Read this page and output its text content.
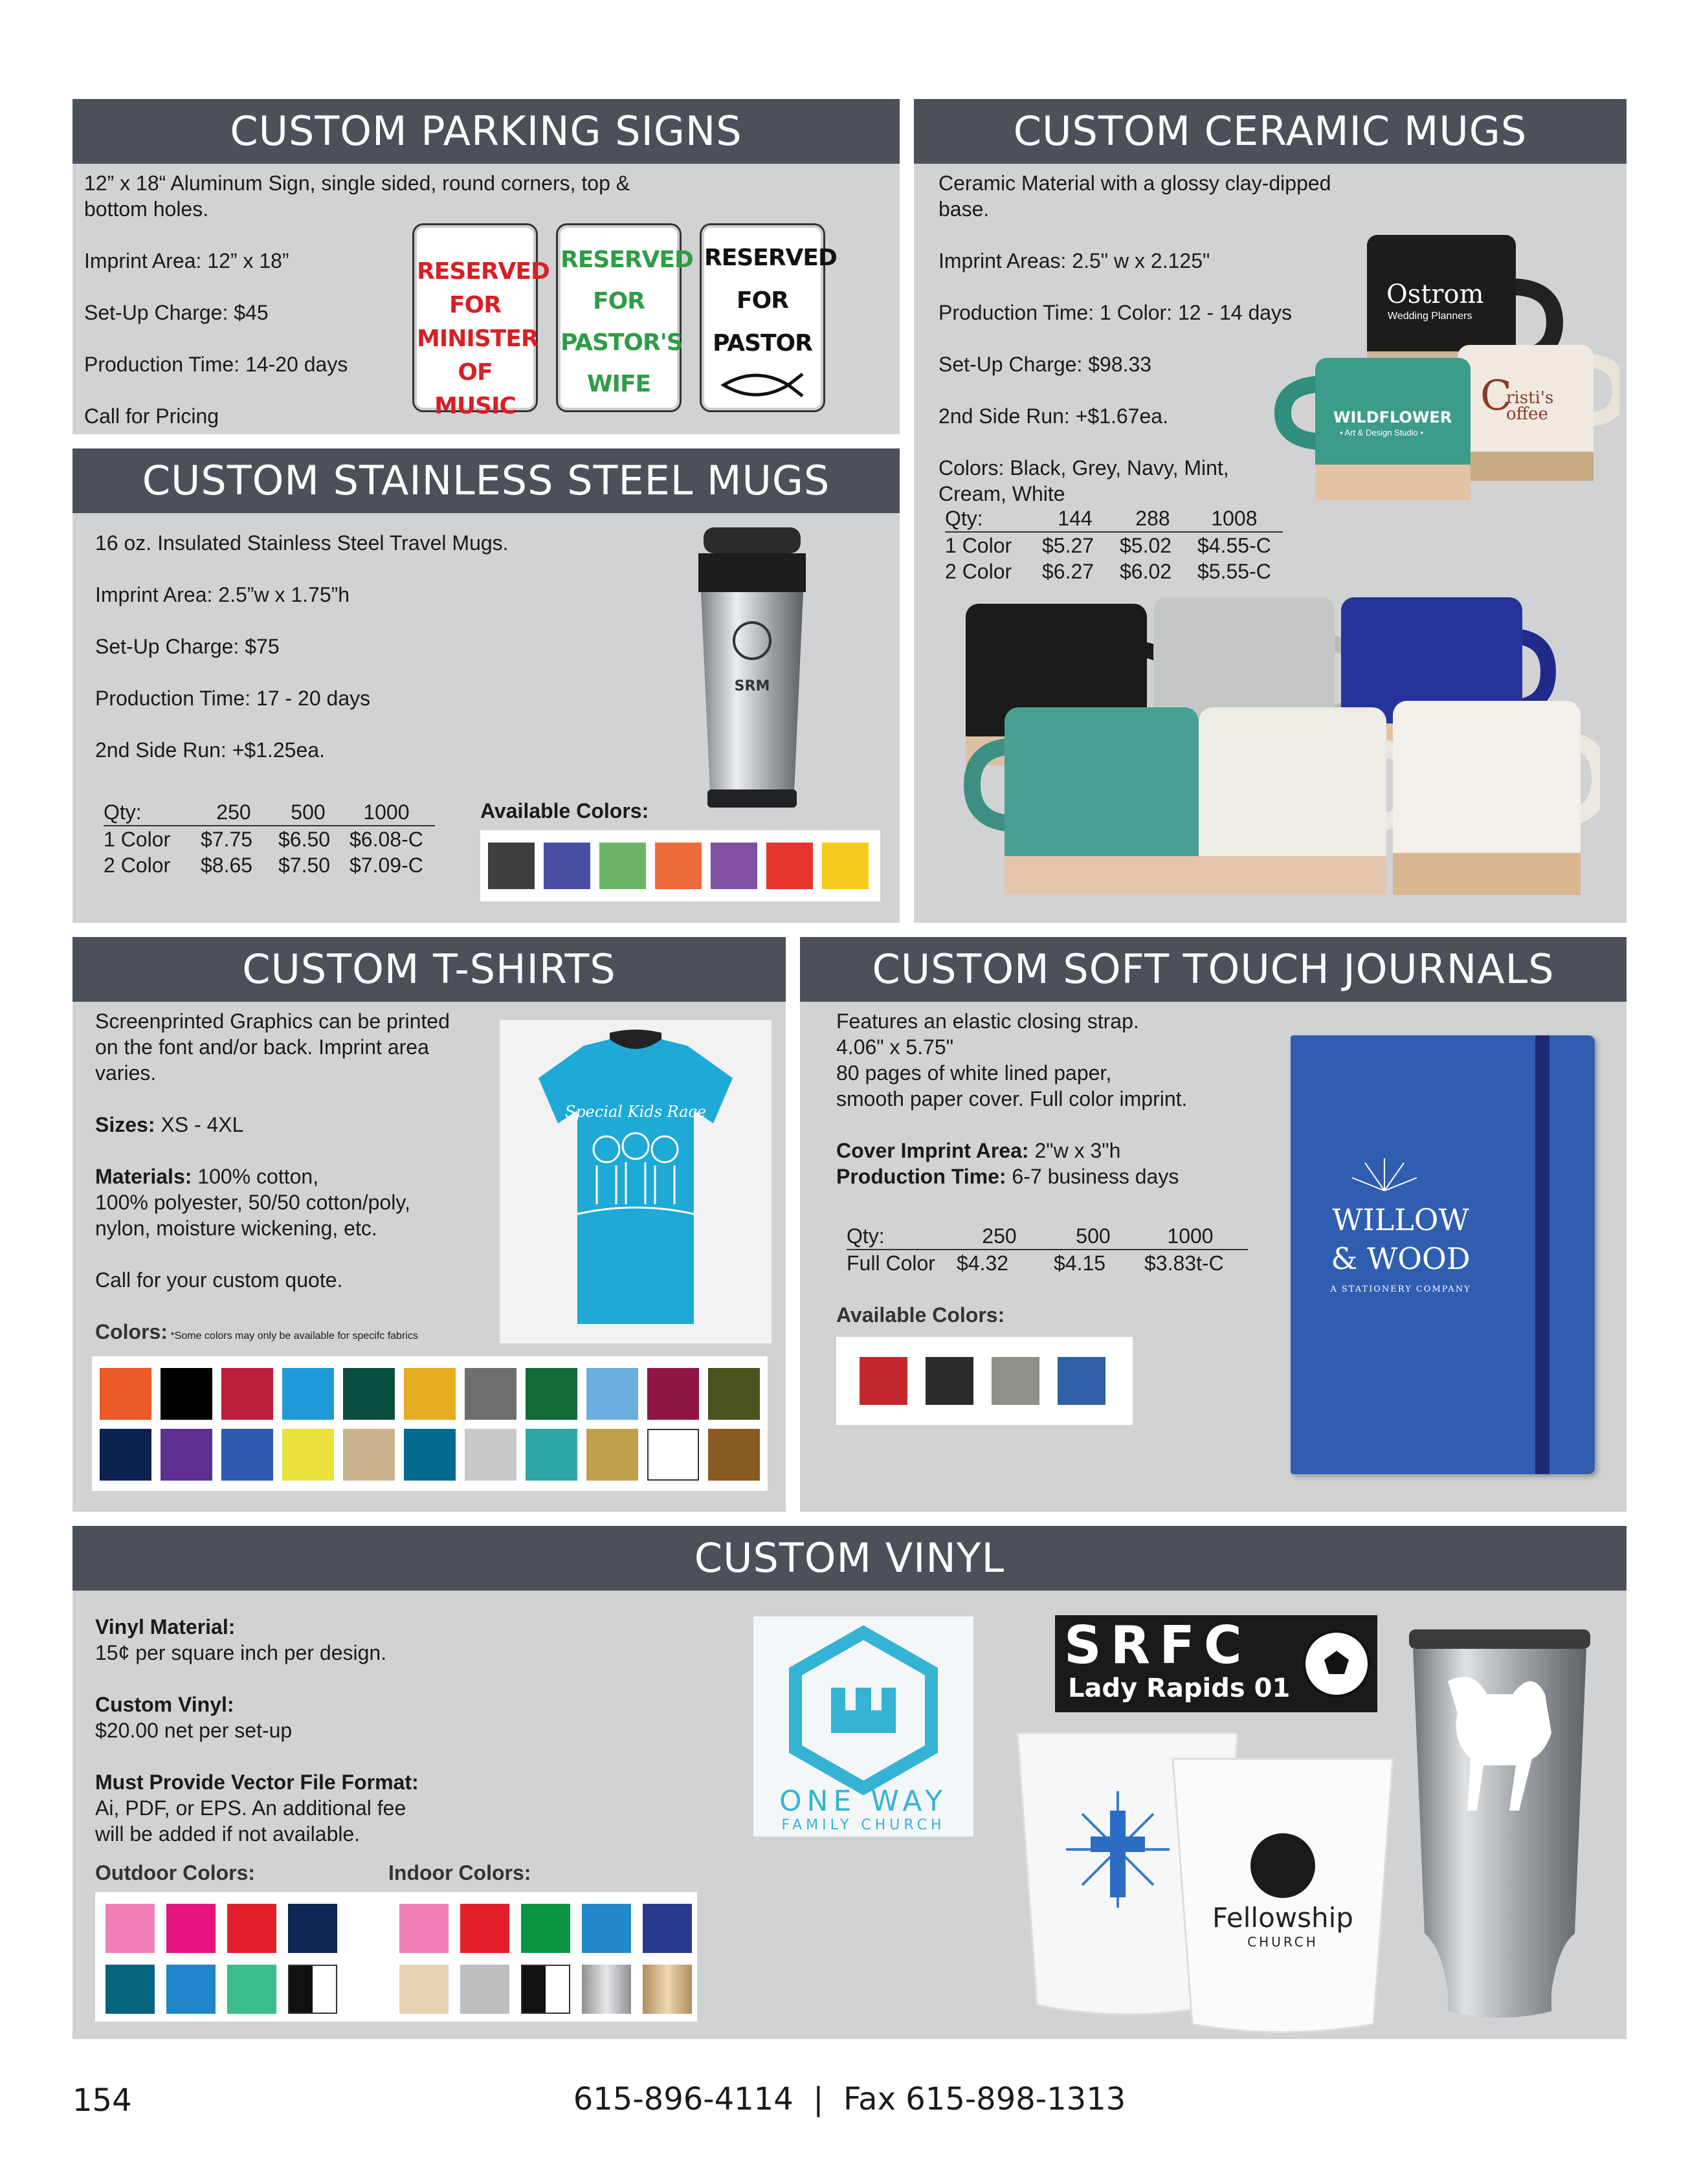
CUSTOM PARKING SIGNS

12” x 18“ Aluminum Sign, single sided, round corners, top &

bottom holes.

Imprint Area: 12” x 18”

Set-Up Charge: $45

Production Time: 14-20 days

Call for Pricing

RESERVED
FOR
MINISTER
OF MUSIC
RESERVED
FOR
PASTOR'S
WIFE
RESERVED
FOR
PASTOR
CUSTOM CERAMIC MUGS

Ceramic Material with a glossy clay-dipped base.

Imprint Areas: 2.5" w x 2.125"

Production Time: 1 Color: 12 - 14 days

Set-Up Charge: $98.33

2nd Side Run: +$1.67ea.

Colors: Black, Grey, Navy, Mint,

Cream, White

Qty:	144	288	1008
1 Color	$5.27	$5.02	$4.55-C
2 Color	$6.27	$6.02	$5.55-C
Ostrom
Wedding Planners
C
risti's
offee
WILDFLOWER
• Art & Design Studio •
CUSTOM STAINLESS STEEL MUGS

16 oz. Insulated Stainless Steel Travel Mugs.

Imprint Area: 2.5”w x 1.75”h

Set-Up Charge: $75

Production Time: 17 - 20 days

2nd Side Run: +$1.25ea.

Qty:	250	500	1000
1 Color	$7.75	$6.50	$6.08-C
2 Color	$8.65	$7.50	$7.09-C
Available Colors:
SRM
CUSTOM T-SHIRTS

Screenprinted Graphics can be printed

on the font and/or back. Imprint area

varies.

Sizes: XS - 4XL

Materials: 100% cotton,

100% polyester, 50/50 cotton/poly,

nylon, moisture wickening, etc.

Call for your custom quote.

Colors: *Some colors may only be available for specifc fabrics

Special Kids Race
CUSTOM SOFT TOUCH JOURNALS

Features an elastic closing strap.

4.06" x 5.75"

80 pages of white lined paper,

smooth paper cover. Full color imprint.

Cover Imprint Area: 2"w x 3"h

Production Time: 6-7 business days

Qty:	250	500	1000
Full Color	$4.32	$4.15	$3.83t-C
Available Colors:
WILLOW
& WOOD
A STATIONERY COMPANY
CUSTOM VINYL

Vinyl Material:

15¢ per square inch per design.

Custom Vinyl:

$20.00 net per set-up

Must Provide Vector File Format:

Ai, PDF, or EPS. An additional fee

will be added if not available.

Outdoor Colors:	Indoor Colors:
ONE WAY
FAMILY CHURCH
SRFC
Lady Rapids 01
Fellowship
CHURCH
154	615-896-4114  |  Fax 615-898-1313
